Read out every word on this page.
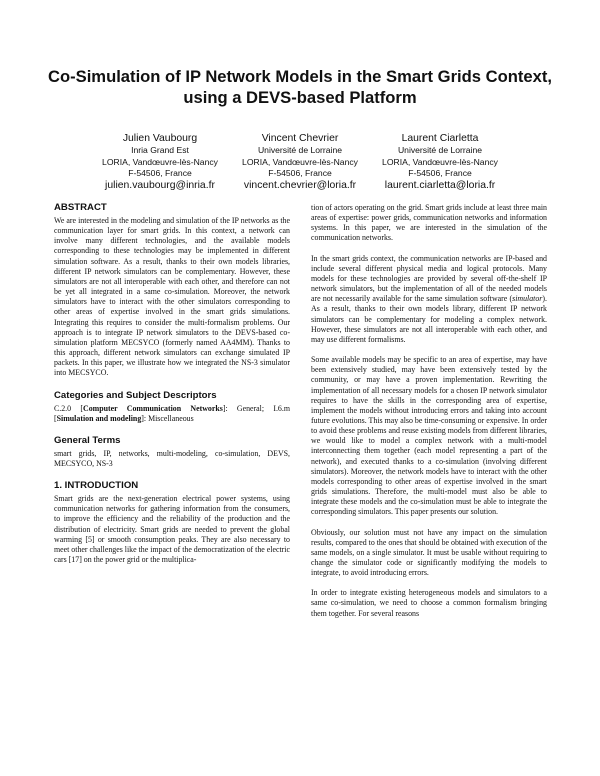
Co-Simulation of IP Network Models in the Smart Grids Context, using a DEVS-based Platform
Julien Vaubourg
Inria Grand Est
LORIA, Vandœuvre-lès-Nancy
F-54506, France
julien.vaubourg@inria.fr
Vincent Chevrier
Université de Lorraine
LORIA, Vandœuvre-lès-Nancy
F-54506, France
vincent.chevrier@loria.fr
Laurent Ciarletta
Université de Lorraine
LORIA, Vandœuvre-lès-Nancy
F-54506, France
laurent.ciarletta@loria.fr
ABSTRACT

We are interested in the modeling and simulation of the IP networks as the communication layer for smart grids. In this context, a network can involve many different technologies, and the available models corresponding to these technologies may be implemented in different simulation software. As a result, thanks to their own models libraries, different IP network simulators can be complementary. However, these simulators are not all interoperable with each other, and therefore can not be yet all integrated in a same co-simulation. Moreover, the network simulators have to interact with the other simulators corresponding to other areas of expertise involved in the smart grids simulations. Integrating this requires to consider the multi-formalism problems. Our approach is to integrate IP network simulators to the DEVS-based co-simulation platform MECSYCO (formerly named AA4MM). Thanks to this approach, different network simulators can exchange simulated IP packets. In this paper, we illustrate how we integrated the NS-3 simulator into MECSYCO.

Categories and Subject Descriptors

C.2.0 [Computer Communication Networks]: General; I.6.m [Simulation and modeling]: Miscellaneous

General Terms

smart grids, IP, networks, multi-modeling, co-simulation, DEVS, MECSYCO, NS-3

1. INTRODUCTION

Smart grids are the next-generation electrical power systems, using communication networks for gathering information from the consumers, to improve the efficiency and the reliability of the production and the distribution of electricity. Smart grids are needed to prevent the global warming [5] or smooth consumption peaks. They are also necessary to meet other challenges like the impact of the democratization of the electric cars [17] on the power grid or the multiplica-

tion of actors operating on the grid. Smart grids include at least three main areas of expertise: power grids, communication networks and information systems. In this paper, we are interested in the simulation of the communication networks.

In the smart grids context, the communication networks are IP-based and include several different physical media and logical protocols. Many models for these technologies are provided by several off-the-shelf IP network simulators, but the implementation of all of the needed models are not necessarily available for the same simulation software (simulator). As a result, thanks to their own models library, different IP network simulators can be complementary for modeling a complex network. However, these simulators are not all interoperable with each other, and may use different formalisms.

Some available models may be specific to an area of expertise, may have been extensively studied, may have been extensively tested by the community, or may have a proven implementation. Rewriting the implementation of all necessary models for a chosen IP network simulator requires to have the skills in the corresponding area of expertise, implement the models without introducing errors and taking into account future evolutions. This may also be time-consuming or expensive. In order to avoid these problems and reuse existing models from different libraries, we would like to model a complex network with a multi-model interconnecting them together (each model representing a part of the network), and executed thanks to a co-simulation (involving different simulators). Moreover, the network models have to interact with the other models corresponding to other areas of expertise involved in the smart grids simulations. Therefore, the multi-model must also be able to integrate these models and the co-simulation must be able to integrate the corresponding simulators. This paper presents our solution.

Obviously, our solution must not have any impact on the simulation results, compared to the ones that should be obtained with execution of the same models, on a single simulator. It must be usable without requiring to change the simulator code or significantly modifying the models to integrate, to avoid introducing errors.

In order to integrate existing heterogeneous models and simulators to a same co-simulation, we need to choose a common formalism bringing them together. For several reasons
